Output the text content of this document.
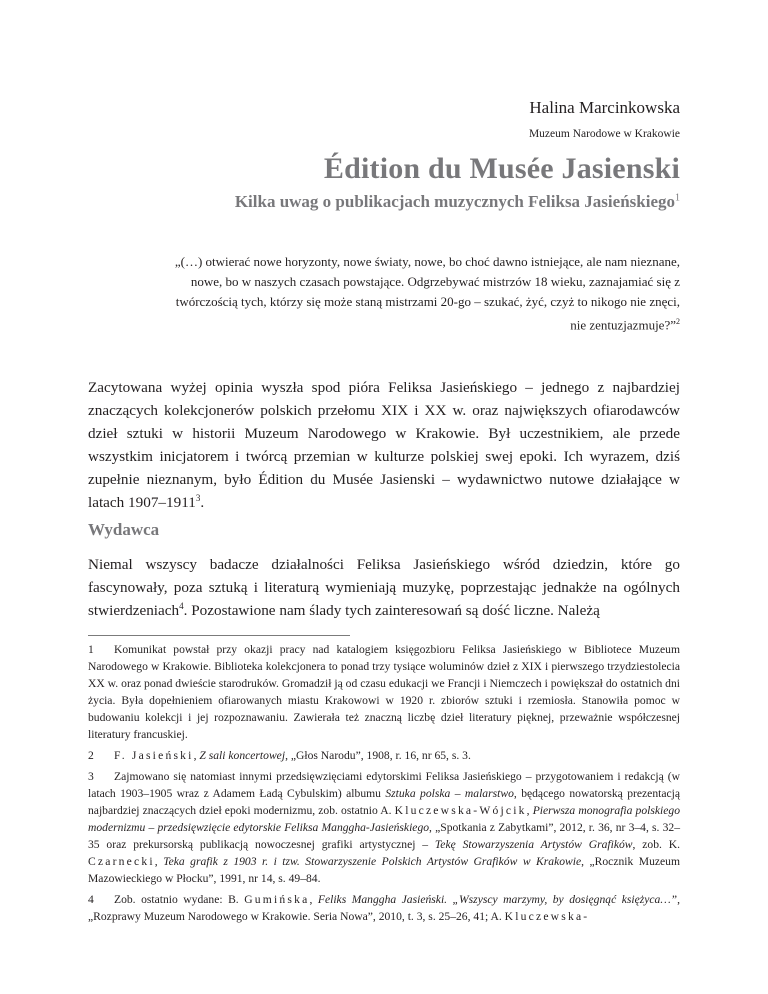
Halina Marcinkowska
Muzeum Narodowe w Krakowie
Édition du Musée Jasienski
Kilka uwag o publikacjach muzycznych Feliksa Jasieńskiego$^1$

„(…) otwierać nowe horyzonty, nowe światy, nowe, bo choć dawno istniejące, ale nam nieznane, nowe, bo w naszych czasach powstające. Odgrzebywać mistrzów 18 wieku, zaznajamiać się z twórczością tych, którzy się może staną mistrzami 20-go – szukać, żyć, czyż to nikogo nie znęci, nie zentuzjazmuje?”$^2$

Zacytowana wyżej opinia wyszła spod pióra Feliksa Jasieńskiego – jednego z najbardziej znaczących kolekcjonerów polskich przełomu XIX i XX w. oraz największych ofiarodawców dzieł sztuki w historii Muzeum Narodowego w Krakowie. Był uczestnikiem, ale przede wszystkim inicjatorem i twórcą przemian w kulturze polskiej swej epoki. Ich wyrazem, dziś zupełnie nieznanym, było Édition du Musée Jasienski – wydawnictwo nutowe działające w latach 1907–1911$^3$.

Wydawca

Niemal wszyscy badacze działalności Feliksa Jasieńskiego wśród dziedzin, które go fascynowały, poza sztuką i literaturą wymieniają muzykę, poprzestając jednakże na ogólnych stwierdzeniach$^4$. Pozostawione nam ślady tych zainteresowań są dość liczne. Należą

1 Komunikat powstał przy okazji pracy nad katalogiem księgozbioru Feliksa Jasieńskiego w Bibliotece Muzeum Narodowego w Krakowie. Biblioteka kolekcjonera to ponad trzy tysiące woluminów dzieł z XIX i pierwszego trzydziestolecia XX w. oraz ponad dwieście starodruków. Gromadził ją od czasu edukacji we Francji i Niemczech i powiększał do ostatnich dni życia. Była dopełnieniem ofiarowanych miastu Krakowowi w 1920 r. zbiorów sztuki i rzemiosła. Stanowiła pomoc w budowaniu kolekcji i jej rozpoznawaniu. Zawierała też znaczną liczbę dzieł literatury pięknej, przeważnie współczesnej literatury francuskiej.

2 F. Jasieński, Z sali koncertowej, „Głos Narodu”, 1908, r. 16, nr 65, s. 3.

3 Zajmowano się natomiast innymi przedsięwzięciami edytorskimi Feliksa Jasieńskiego – przygotowaniem i redakcją (w latach 1903–1905 wraz z Adamem Ładą Cybulskim) albumu Sztuka polska – malarstwo, będącego nowatorską prezentacją najbardziej znaczących dzieł epoki modernizmu, zob. ostatnio A. Kluczewska-Wójcik, Pierwsza monografia polskiego modernizmu – przedsięwzięcie edytorskie Feliksa Manggha-Jasieńskiego, „Spotkania z Zabytkami”, 2012, r. 36, nr 3–4, s. 32–35 oraz prekursorską publikacją nowoczesnej grafiki artystycznej – Tekę Stowarzyszenia Artystów Grafików, zob. K. Czarnecki, Teka grafik z 1903 r. i tzw. Stowarzyszenie Polskich Artystów Grafików w Krakowie, „Rocznik Muzeum Mazowieckiego w Płocku”, 1991, nr 14, s. 49–84.

4 Zob. ostatnio wydane: B. Gumińska, Feliks Manggha Jasieński. „Wszyscy marzymy, by dosięgnąć księżyca…”, „Rozprawy Muzeum Narodowego w Krakowie. Seria Nowa”, 2010, t. 3, s. 25–26, 41; A. Kluczewska-
